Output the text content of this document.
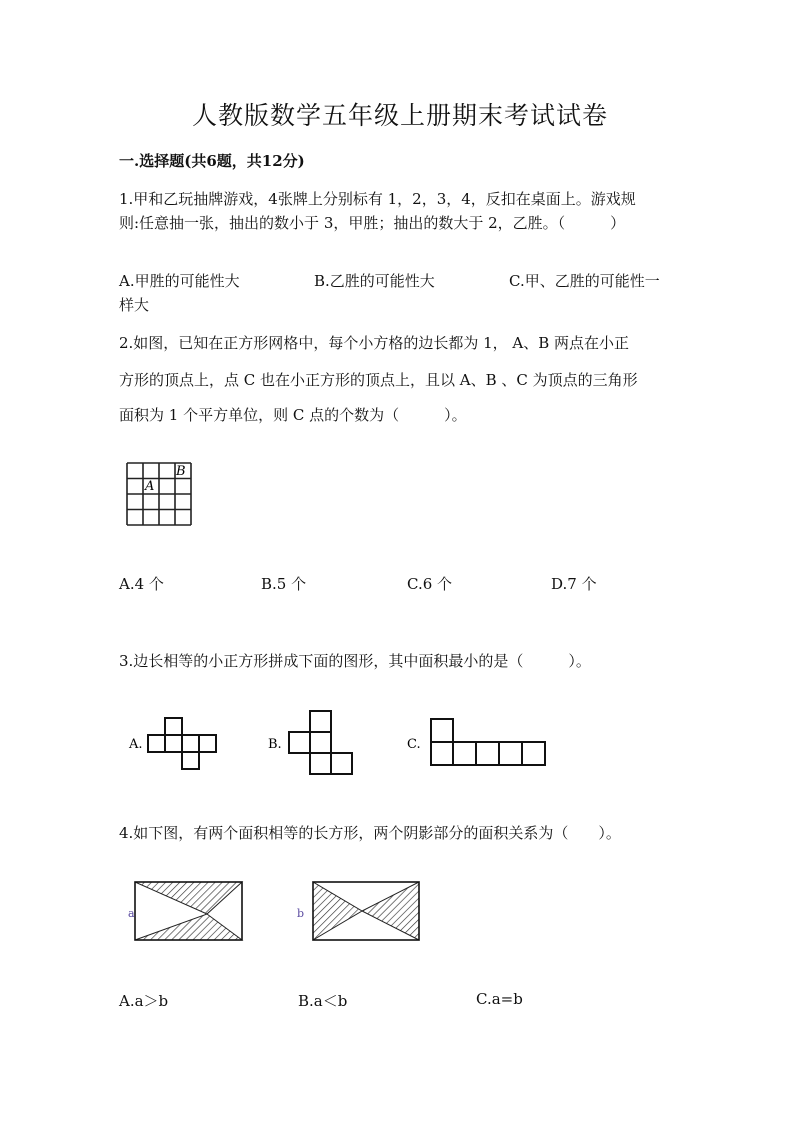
人教版数学五年级上册期末考试试卷
一.选择题(共6题，共12分)
1.甲和乙玩抽牌游戏，4张牌上分别标有 1，2，3，4，反扣在桌面上。游戏规
则:任意抽一张，抽出的数小于 3，甲胜；抽出的数大于 2，乙胜。（　　　）
A.甲胜的可能性大	B.乙胜的可能性大	C.甲、乙胜的可能性一
样大
2.如图，已知在正方形网格中，每个小方格的边长都为 1， A、B 两点在小正
方形的顶点上，点 C 也在小正方形的顶点上，且以 A、B 、C 为顶点的三角形
面积为 1 个平方单位，则 C 点的个数为（　　　）。
A
B
A.4 个	B.5 个	C.6 个	D.7 个
3.边长相等的小正方形拼成下面的图形，其中面积最小的是（　　　）。
A.	B.	C.
4.如下图，有两个面积相等的长方形，两个阴影部分的面积关系为（　　）。
a	b
A.a＞b	B.a＜b	C.a=b
